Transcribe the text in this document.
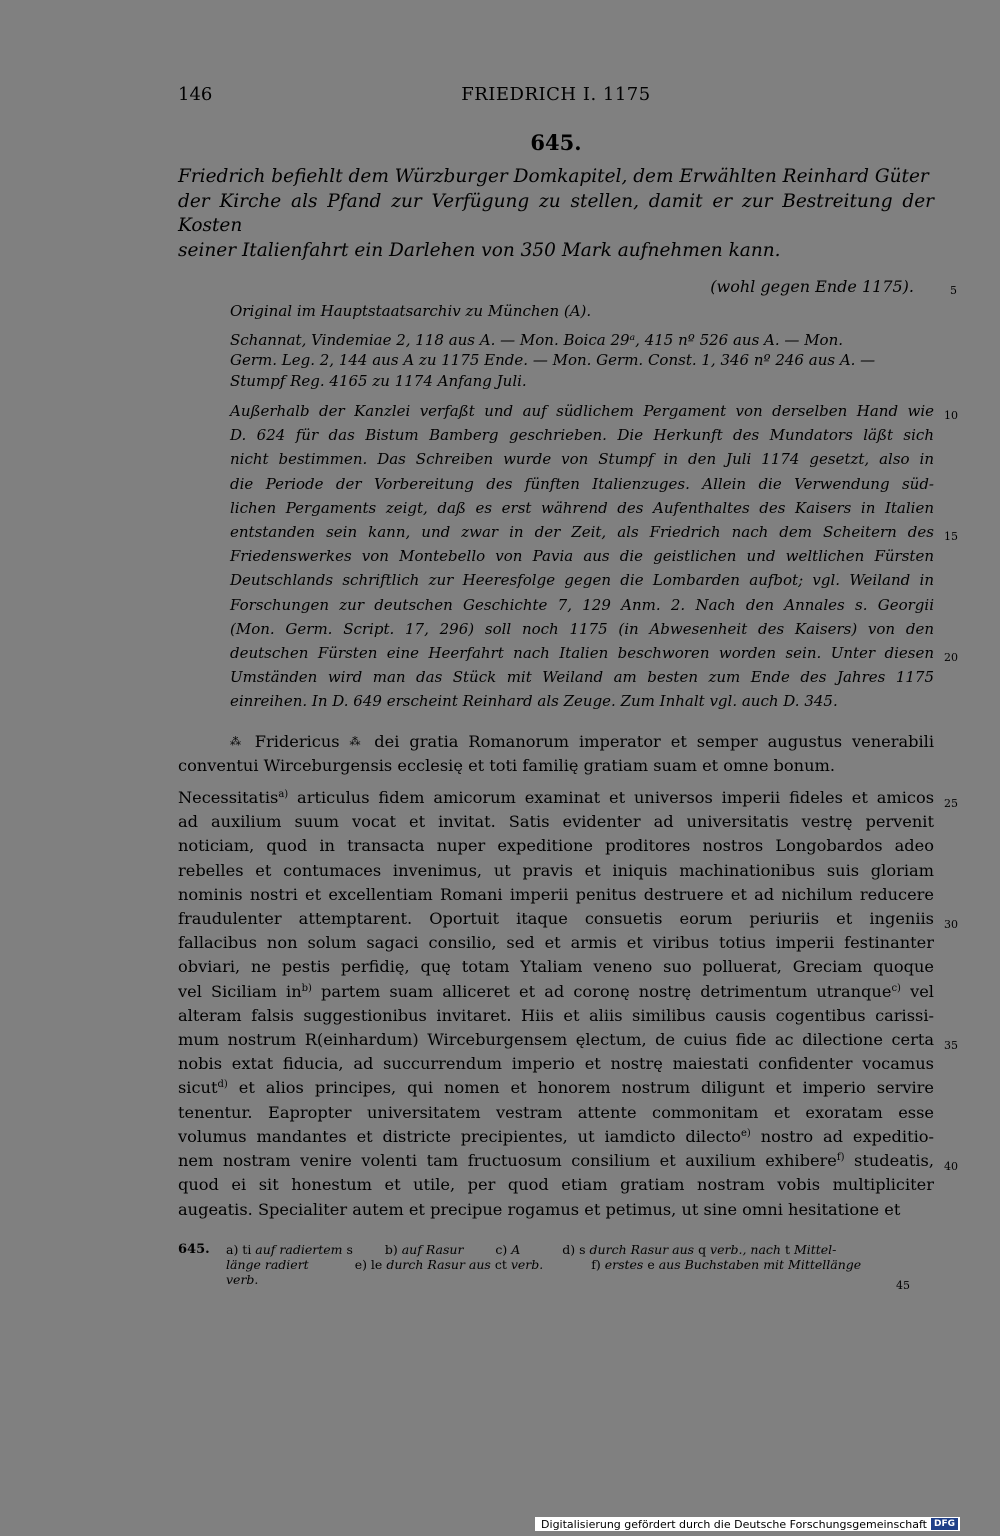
146	FRIEDRICH I. 1175
645.
Friedrich befiehlt dem Würzburger Domkapitel, dem Erwählten Reinhard Güter
der Kirche als Pfand zur Verfügung zu stellen, damit er zur Bestreitung der Kosten
seiner Italienfahrt ein Darlehen von 350 Mark aufnehmen kann.
(wohl gegen Ende 1175).	5

Original im Hauptstaatsarchiv zu München (A).

Schannat, Vindemiae 2, 118 aus A. — Mon. Boica 29ᵃ, 415 nº 526 aus A. — Mon.
Germ. Leg. 2, 144 aus A zu 1175 Ende. — Mon. Germ. Const. 1, 346 nº 246 aus A. —
Stumpf Reg. 4165 zu 1174 Anfang Juli.

Außerhalb der Kanzlei verfaßt und auf südlichem Pergament von derselben Hand wie 10
D. 624 für das Bistum Bamberg geschrieben. Die Herkunft des Mundators läßt sich
nicht bestimmen. Das Schreiben wurde von Stumpf in den Juli 1174 gesetzt, also in
die Periode der Vorbereitung des fünften Italienzuges. Allein die Verwendung süd-
lichen Pergaments zeigt, daß es erst während des Aufenthaltes des Kaisers in Italien
entstanden sein kann, und zwar in der Zeit, als Friedrich nach dem Scheitern des 15
Friedenswerkes von Montebello von Pavia aus die geistlichen und weltlichen Fürsten
Deutschlands schriftlich zur Heeresfolge gegen die Lombarden aufbot; vgl. Weiland in
Forschungen zur deutschen Geschichte 7, 129 Anm. 2. Nach den Annales s. Georgii
(Mon. Germ. Script. 17, 296) soll noch 1175 (in Abwesenheit des Kaisers) von den
deutschen Fürsten eine Heerfahrt nach Italien beschworen worden sein. Unter diesen 20
Umständen wird man das Stück mit Weiland am besten zum Ende des Jahres 1175
einreihen. In D. 649 erscheint Reinhard als Zeuge. Zum Inhalt vgl. auch D. 345.
⁂ Fridericus ⁂ dei gratia Romanorum imperator et semper augustus venerabili
conventui Wirceburgensis ecclesię et toti familię gratiam suam et omne bonum.
Necessitatis$^{a)}$ articulus fidem amicorum examinat et universos imperii fideles et amicos 25
ad auxilium suum vocat et invitat. Satis evidenter ad universitatis vestrę pervenit
noticiam, quod in transacta nuper expeditione proditores nostros Longobardos adeo
rebelles et contumaces invenimus, ut pravis et iniquis machinationibus suis gloriam
nominis nostri et excellentiam Romani imperii penitus destruere et ad nichilum reducere
fraudulenter attemptarent. Oportuit itaque consuetis eorum periuriis et ingeniis 30
fallacibus non solum sagaci consilio, sed et armis et viribus totius imperii festinanter
obviari, ne pestis perfidię, quę totam Ytaliam veneno suo polluerat, Greciam quoque
vel Siciliam $in^{b)}$ partem suam alliceret et ad coronę nostrę detrimentum utranque$^{c)}$ vel
alteram falsis suggestionibus invitaret. Hiis et aliis similibus causis cogentibus carissi-
mum nostrum R(einhardum) Wirceburgensem ęlectum, de cuius fide ac dilectione certa 35
nobis extat fiducia, ad succurrendum imperio et nostrę maiestati confidenter vocamus
sicut$^{d)}$ et alios principes, qui nomen et honorem nostrum diligunt et imperio servire
tenentur. Eapropter universitatem vestram attente commonitam et exoratam esse
volumus mandantes et districte precipientes, ut iamdicto dilecto$^{e)}$ nostro ad expeditio-
nem nostram venire volenti tam fructuosum consilium et auxilium exhibere$^{f)}$ studeatis, 40
quod ei sit honestum et utile, per quod etiam gratiam nostram vobis multipliciter
augeatis. Specialiter autem et precipue rogamus et petimus, ut sine omni hesitatione et
645. a) ti auf radiertem s	b) auf Rasur	c) A	d) s durch Rasur aus q verb., nach t Mittel-
länge radiert	e) le durch Rasur aus ct verb.	f) erstes e aus Buchstaben mit Mittellänge
verb.	45
Digitalisierung gefördert durch die Deutsche Forschungsgemeinschaft DFG
